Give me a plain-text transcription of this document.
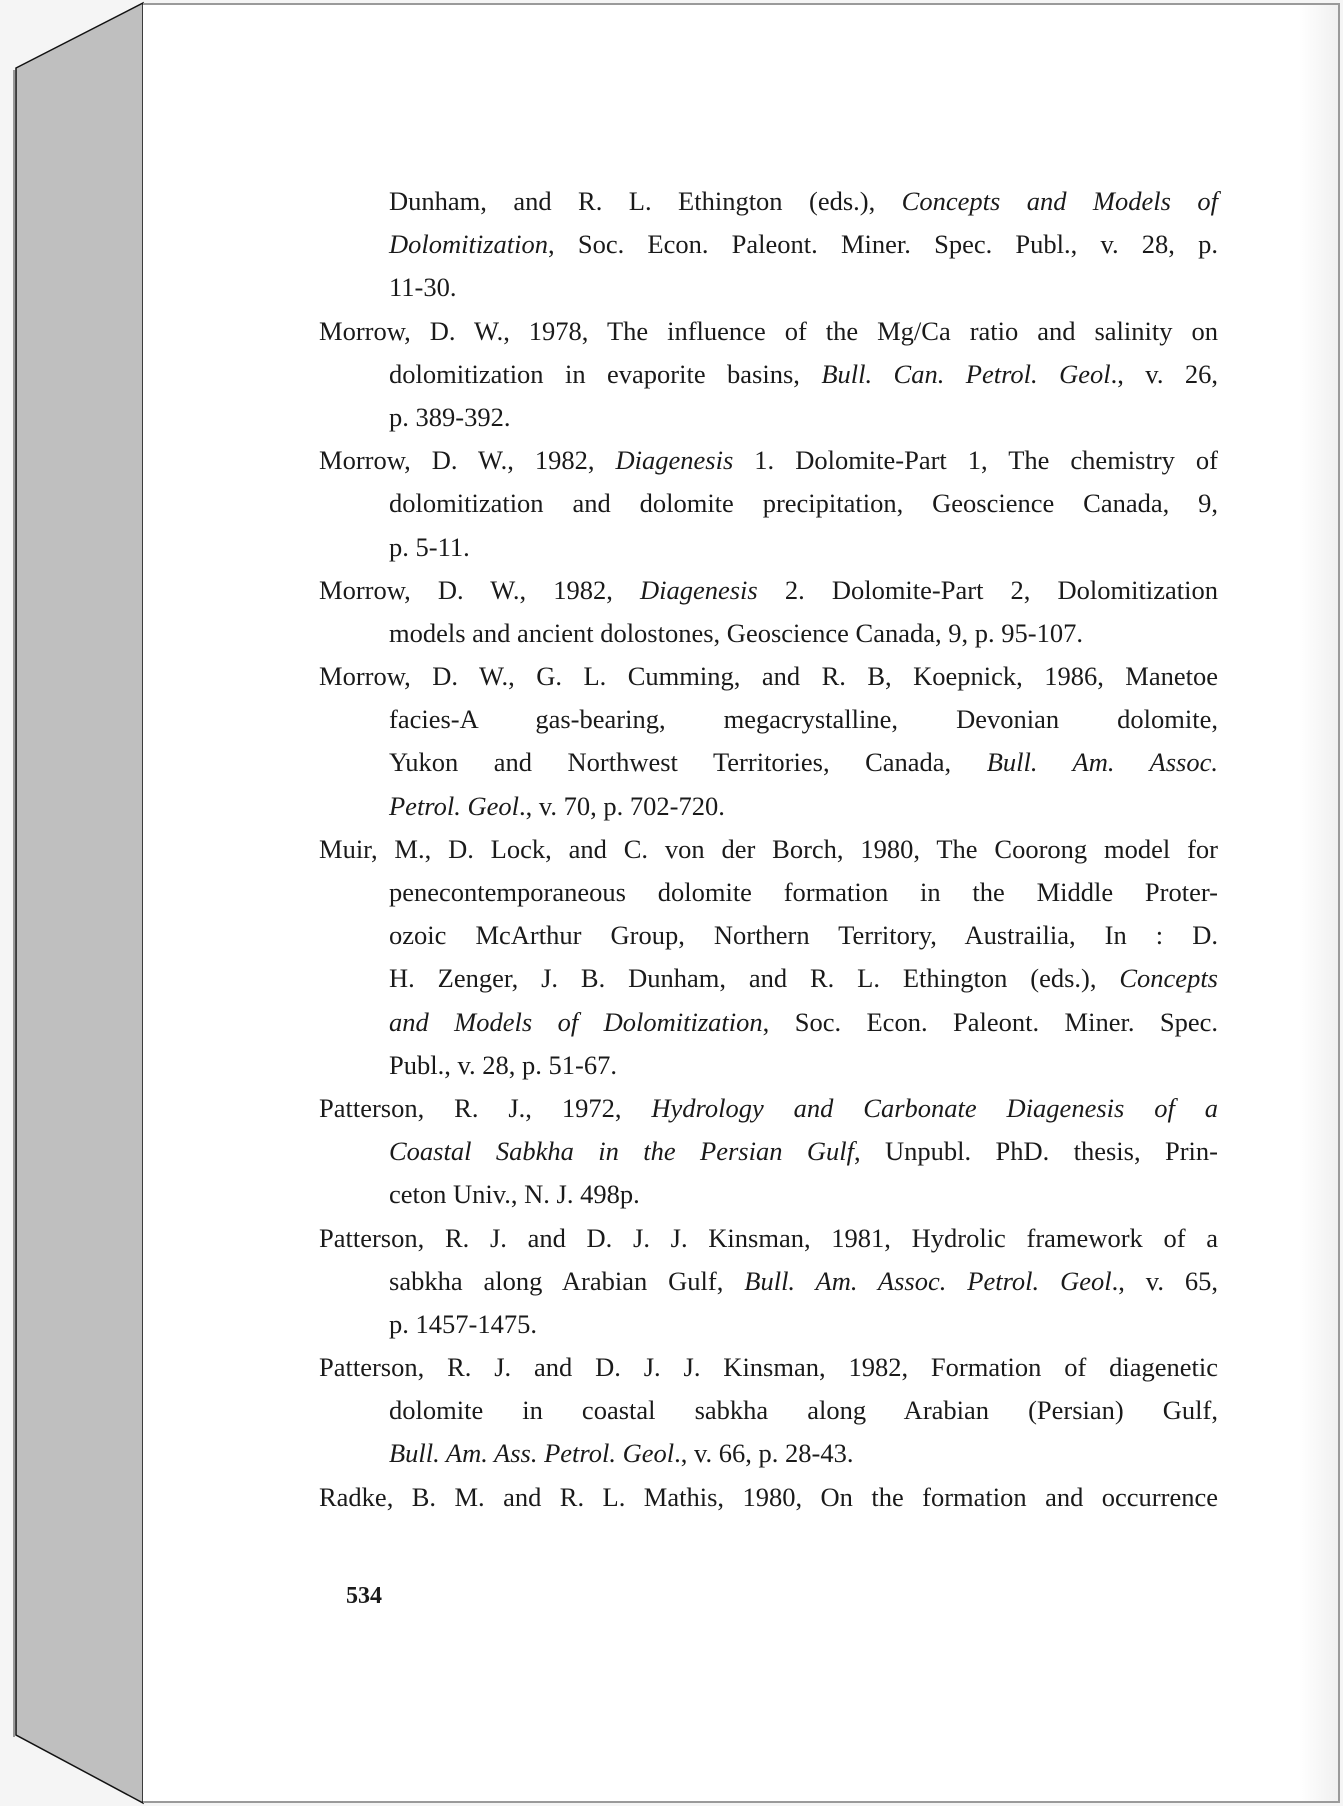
Dunham, and R. L. Ethington (eds.), Concepts and Models of
Dolomitization, Soc. Econ. Paleont. Miner. Spec. Publ., v. 28, p.
11-30.
Morrow, D. W., 1978, The influence of the Mg/Ca ratio and salinity on
dolomitization in evaporite basins, Bull. Can. Petrol. Geol., v. 26,
p. 389-392.
Morrow, D. W., 1982, Diagenesis 1. Dolomite-Part 1, The chemistry of
dolomitization and dolomite precipitation, Geoscience Canada, 9,
p. 5-11.
Morrow, D. W., 1982, Diagenesis 2. Dolomite-Part 2, Dolomitization
models and ancient dolostones, Geoscience Canada, 9, p. 95-107.
Morrow, D. W., G. L. Cumming, and R. B, Koepnick, 1986, Manetoe
facies-A gas-bearing, megacrystalline, Devonian dolomite,
Yukon and Northwest Territories, Canada, Bull. Am. Assoc.
Petrol. Geol., v. 70, p. 702-720.
Muir, M., D. Lock, and C. von der Borch, 1980, The Coorong model for
penecontemporaneous dolomite formation in the Middle Proter-
ozoic McArthur Group, Northern Territory, Austrailia, In : D.
H. Zenger, J. B. Dunham, and R. L. Ethington (eds.), Concepts
and Models of Dolomitization, Soc. Econ. Paleont. Miner. Spec.
Publ., v. 28, p. 51-67.
Patterson, R. J., 1972, Hydrology and Carbonate Diagenesis of a
Coastal Sabkha in the Persian Gulf, Unpubl. PhD. thesis, Prin-
ceton Univ., N. J. 498p.
Patterson, R. J. and D. J. J. Kinsman, 1981, Hydrolic framework of a
sabkha along Arabian Gulf, Bull. Am. Assoc. Petrol. Geol., v. 65,
p. 1457-1475.
Patterson, R. J. and D. J. J. Kinsman, 1982, Formation of diagenetic
dolomite in coastal sabkha along Arabian (Persian) Gulf,
Bull. Am. Ass. Petrol. Geol., v. 66, p. 28-43.
Radke, B. M. and R. L. Mathis, 1980, On the formation and occurrence
534
